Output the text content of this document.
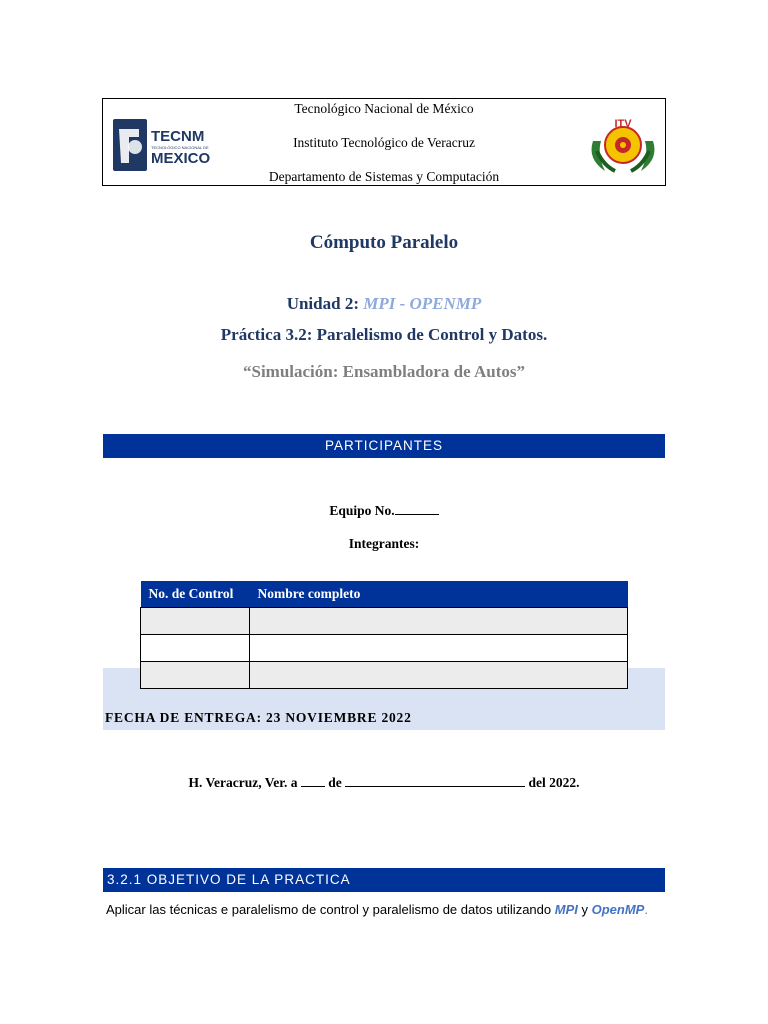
TECNM
TECNOLÓGICO NACIONAL DE
MEXICO
Tecnológico Nacional de México
Instituto Tecnológico de Veracruz
Departamento de Sistemas y Computación
ITV
Cómputo Paralelo
Unidad 2: MPI - OPENMP
Práctica 3.2: Paralelismo de Control y Datos.
“Simulación: Ensambladora de Autos”
PARTICIPANTES
Equipo No.
Integrantes:
No. de Control	Nombre completo

FECHA DE ENTREGA: 23 NOVIEMBRE 2022
H. Veracruz, Ver. a de	del 2022.
3.2.1 OBJETIVO DE LA PRACTICA
Aplicar las técnicas e paralelismo de control y paralelismo de datos utilizando MPI y OpenMP.
